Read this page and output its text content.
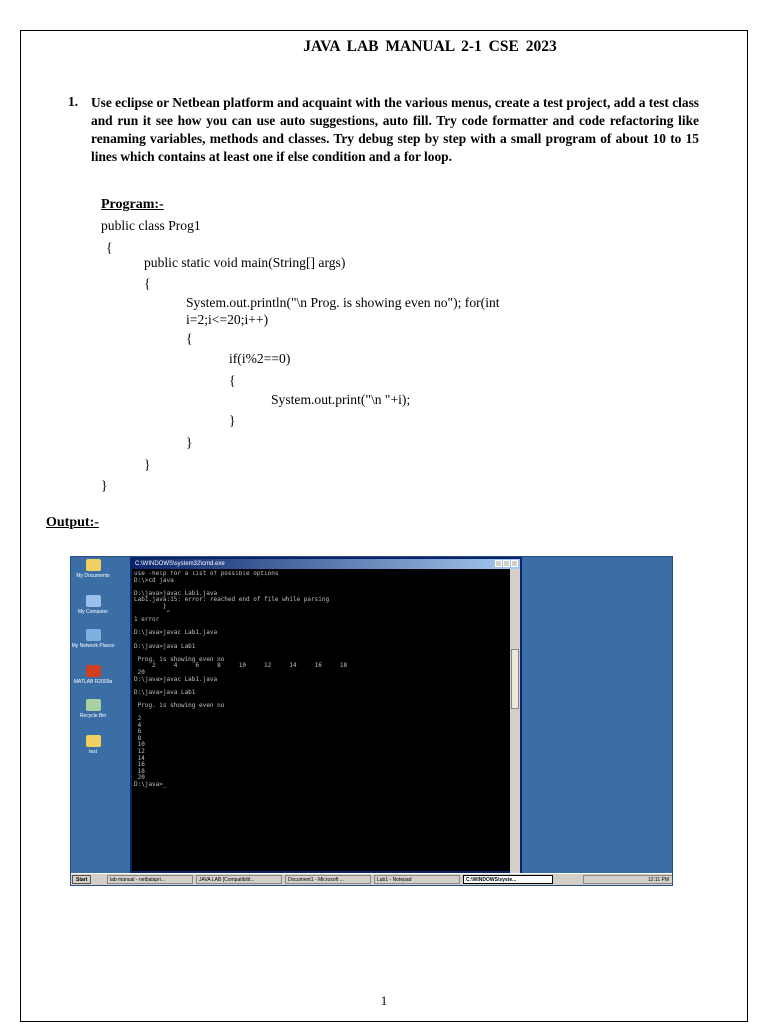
JAVA LAB MANUAL 2-1 CSE 2023
1. Use eclipse or Netbean platform and acquaint with the various menus, create a test project, add a test class and run it see how you can use auto suggestions, auto fill. Try code formatter and code refactoring like renaming variables, methods and classes. Try debug step by step with a small program of about 10 to 15 lines which contains at least one if else condition and a for loop.
Program:-
public class Prog1
{
public static void main(String[] args)
{
System.out.println("\n Prog. is showing even no"); for(int
i=2;i<=20;i++)
{
if(i%2==0)
{
System.out.print("\n "+i);
}
}
}
}
Output:-
My Documents
My Computer
My Network Places
MATLAB R2009a
Recycle Bin
test
C:\WINDOWS\system32\cmd.exe
use -help for a list of possible options
D:\>cd java

D:\java>javac Lab1.java
Lab1.java:15: error: reached end of file while parsing
}
^
1 error

D:\java>javac Lab1.java

D:\java>java Lab1

Prog. is showing even no
2     4     6     8     10     12     14     16     18
20
D:\java>javac Lab1.java

D:\java>java Lab1

Prog. is showing even no

2
4
6
8
10
12
14
16
18
20
D:\java>_
Start	lab manual - netbalapri...	JAVA LAB [Compatibilit...	Document1 - Microsoft ...	Lab1 - Notepad	C:\WINDOWS\syste...	12:11 PM
1
